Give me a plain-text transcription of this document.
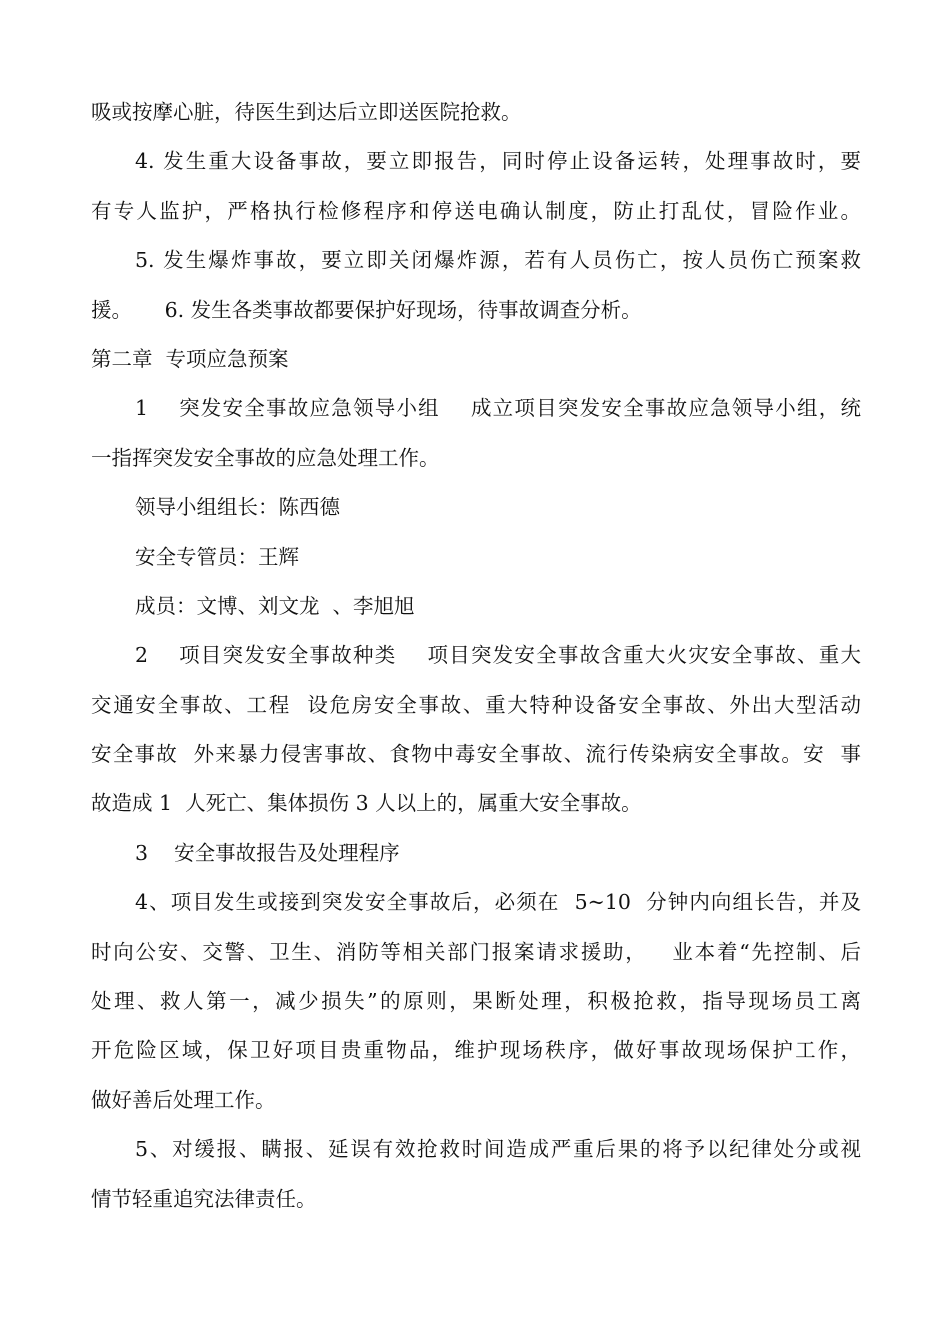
吸或按摩心脏，待医生到达后立即送医院抢救。
4. 发生重大设备事故，要立即报告，同时停止设备运转，处理事故时，要
有专人监护，严格执行检修程序和停送电确认制度，防止打乱仗，冒险作业。
5. 发生爆炸事故，要立即关闭爆炸源，若有人员伤亡，按人员伤亡预案救
援。     6. 发生各类事故都要保护好现场，待事故调查分析。
第二章  专项应急预案
1    突发安全事故应急领导小组    成立项目突发安全事故应急领导小组，统
一指挥突发安全事故的应急处理工作。
领导小组组长：陈西德
安全专管员：王辉
成员：文博、刘文龙  、李旭旭
2    项目突发安全事故种类    项目突发安全事故含重大火灾安全事故、重大
交通安全事故、工程  设危房安全事故、重大特种设备安全事故、外出大型活动
安全事故  外来暴力侵害事故、食物中毒安全事故、流行传染病安全事故。安  事
故造成 1  人死亡、集体损伤 3 人以上的，属重大安全事故。
3    安全事故报告及处理程序
4、项目发生或接到突发安全事故后，必须在  5~10  分钟内向组长告，并及
时向公安、交警、卫生、消防等相关部门报案请求援助，   业本着“先控制、后
处理、救人第一，减少损失”的原则，果断处理，积极抢救，指导现场员工离
开危险区域，保卫好项目贵重物品，维护现场秩序，做好事故现场保护工作，
做好善后处理工作。
5、对缓报、瞒报、延误有效抢救时间造成严重后果的将予以纪律处分或视
情节轻重追究法律责任。
